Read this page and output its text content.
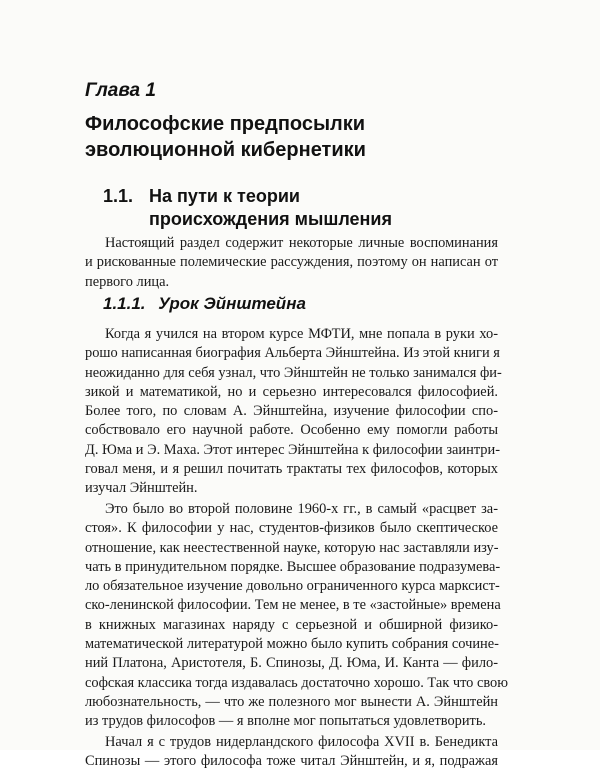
Глава 1
Философские предпосылки
эволюционной кибернетики
1.1. На пути к теории
происхождения мышления
Настоящий раздел содержит некоторые личные воспоминания
и рискованные полемические рассуждения, поэтому он написан от
первого лица.
1.1.1. Урок Эйнштейна
Когда я учился на втором курсе МФТИ, мне попала в руки хо-
рошо написанная биография Альберта Эйнштейна. Из этой книги я
неожиданно для себя узнал, что Эйнштейн не только занимался фи-
зикой и математикой, но и серьезно интересовался философией.
Более того, по словам А. Эйнштейна, изучение философии спо-
собствовало его научной работе. Особенно ему помогли работы
Д. Юма и Э. Маха. Этот интерес Эйнштейна к философии заинтри-
говал меня, и я решил почитать трактаты тех философов, которых
изучал Эйнштейн.
Это было во второй половине 1960-х гг., в самый «расцвет за-
стоя». К философии у нас, студентов-физиков было скептическое
отношение, как неестественной науке, которую нас заставляли изу-
чать в принудительном порядке. Высшее образование подразумева-
ло обязательное изучение довольно ограниченного курса марксист-
ско-ленинской философии. Тем не менее, в те «застойные» времена
в книжных магазинах наряду с серьезной и обширной физико-
математической литературой можно было купить собрания сочине-
ний Платона, Аристотеля, Б. Спинозы, Д. Юма, И. Канта — фило-
софская классика тогда издавалась достаточно хорошо. Так что свою
любознательность, — что же полезного мог вынести А. Эйнштейн
из трудов философов — я вполне мог попытаться удовлетворить.
Начал я с трудов нидерландского философа XVII в. Бенедикта
Спинозы — этого философа тоже читал Эйнштейн, и я, подражая
